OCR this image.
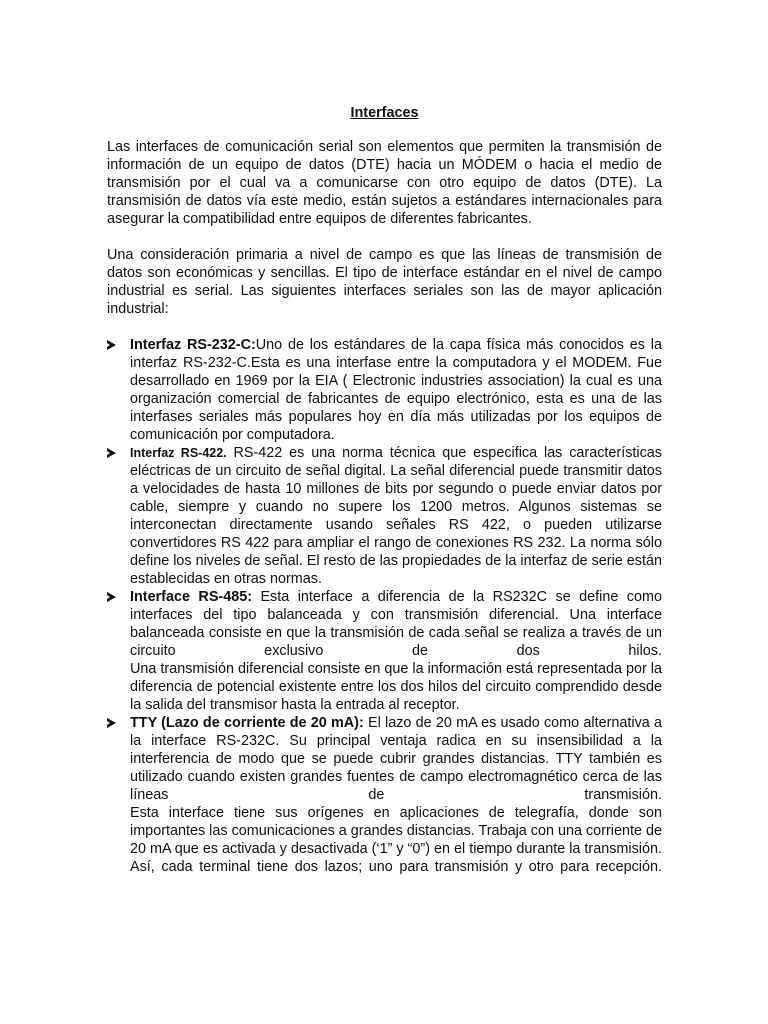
Interfaces

Las interfaces de comunicación serial son elementos que permiten la transmisión de información de un equipo de datos (DTE) hacia un MÓDEM o hacia el medio de transmisión por el cual va a comunicarse con otro equipo de datos (DTE). La transmisión de datos vía este medio, están sujetos a estándares internacionales para asegurar la compatibilidad entre equipos de diferentes fabricantes.

Una consideración primaria a nivel de campo es que las líneas de transmisión de datos son económicas y sencillas. El tipo de interface estándar en el nivel de campo industrial es serial. Las siguientes interfaces seriales son las de mayor aplicación industrial:

Interfaz RS-232-C:Uno de los estándares de la capa física más conocidos es la interfaz RS-232-C.Esta es una interfase entre la computadora y el MODEM. Fue desarrollado en 1969 por la EIA ( Electronic industries association) la cual es una organización comercial de fabricantes de equipo electrónico, esta es una de las interfases seriales más populares hoy en día más utilizadas por los equipos de comunicación por computadora.
Interfaz RS-422. RS-422 es una norma técnica que especifica las características eléctricas de un circuito de señal digital. La señal diferencial puede transmitir datos a velocidades de hasta 10 millones de bits por segundo o puede enviar datos por cable, siempre y cuando no supere los 1200 metros. Algunos sistemas se interconectan directamente usando señales RS 422, o pueden utilizarse convertidores RS 422 para ampliar el rango de conexiones RS 232. La norma sólo define los niveles de señal. El resto de las propiedades de la interfaz de serie están establecidas en otras normas.
Interface RS-485: Esta interface a diferencia de la RS232C se define como interfaces del tipo balanceada y con transmisión diferencial. Una interface balanceada consiste en que la transmisión de cada señal se realiza a través de un circuito exclusivo de dos hilos.
Una transmisión diferencial consiste en que la información está representada por la diferencia de potencial existente entre los dos hilos del circuito comprendido desde la salida del transmisor hasta la entrada al receptor.
TTY (Lazo de corriente de 20 mA): El lazo de 20 mA es usado como alternativa a la interface RS-232C. Su principal ventaja radica en su insensibilidad a la interferencia de modo que se puede cubrir grandes distancias. TTY también es utilizado cuando existen grandes fuentes de campo electromagnético cerca de las líneas de transmisión.
Esta interface tiene sus orígenes en aplicaciones de telegrafía, donde son importantes las comunicaciones a grandes distancias. Trabaja con una corriente de 20 mA que es activada y desactivada (‘1” y “0”) en el tiempo durante la transmisión. Así, cada terminal tiene dos lazos; uno para transmisión y otro para recepción.
